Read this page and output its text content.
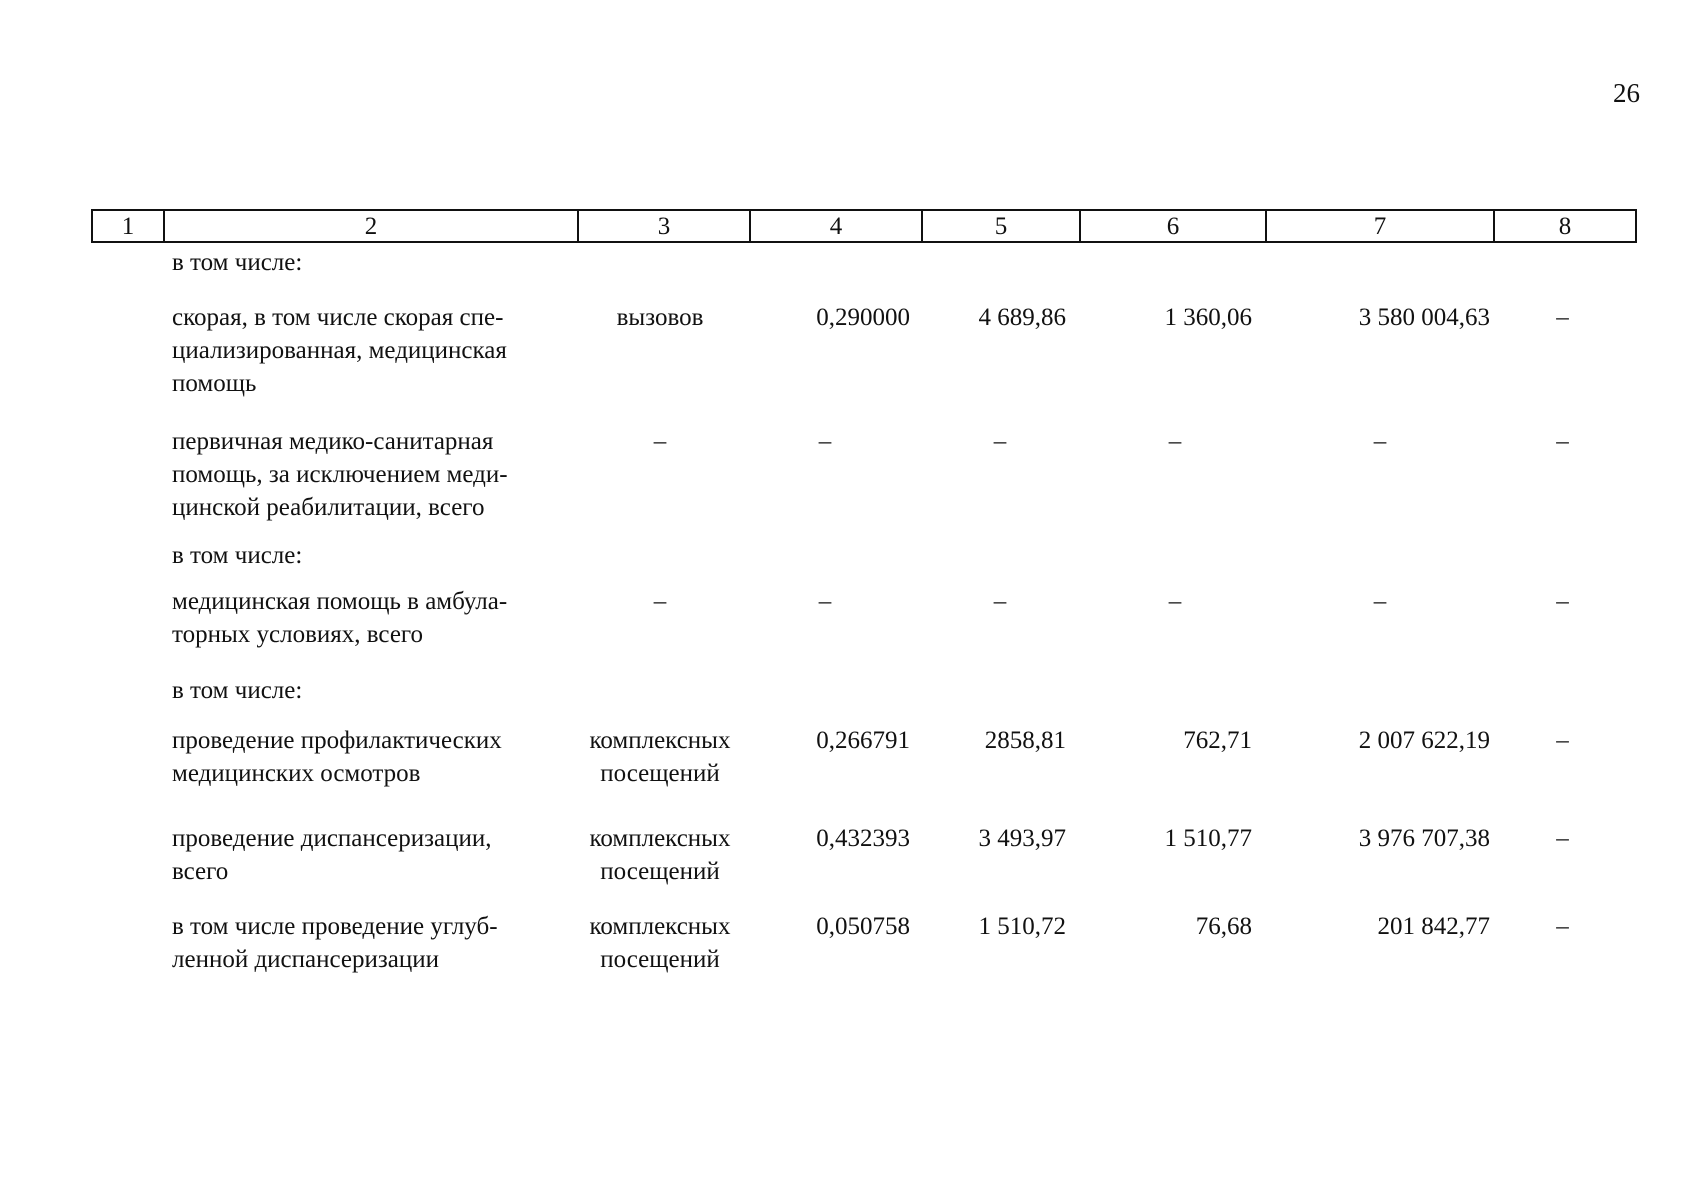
26
1	2	3	4	5	6	7	8
в том числе:
скорая, в том числе скорая спе-
циализированная, медицинская
помощь
вызовов	0,290000	4 689,86	1 360,06	3 580 004,63	–
первичная медико-санитарная
помощь, за исключением меди-
цинской реабилитации, всего
–	–	–	–	–	–
в том числе:
медицинская помощь в амбула-
торных условиях, всего
–	–	–	–	–	–
в том числе:
проведение профилактических
медицинских осмотров
комплексных
посещений
0,266791	2858,81	762,71	2 007 622,19	–
проведение диспансеризации,
всего
комплексных
посещений
0,432393	3 493,97	1 510,77	3 976 707,38	–
в том числе проведение углуб-
ленной диспансеризации
комплексных
посещений
0,050758	1 510,72	76,68	201 842,77	–
